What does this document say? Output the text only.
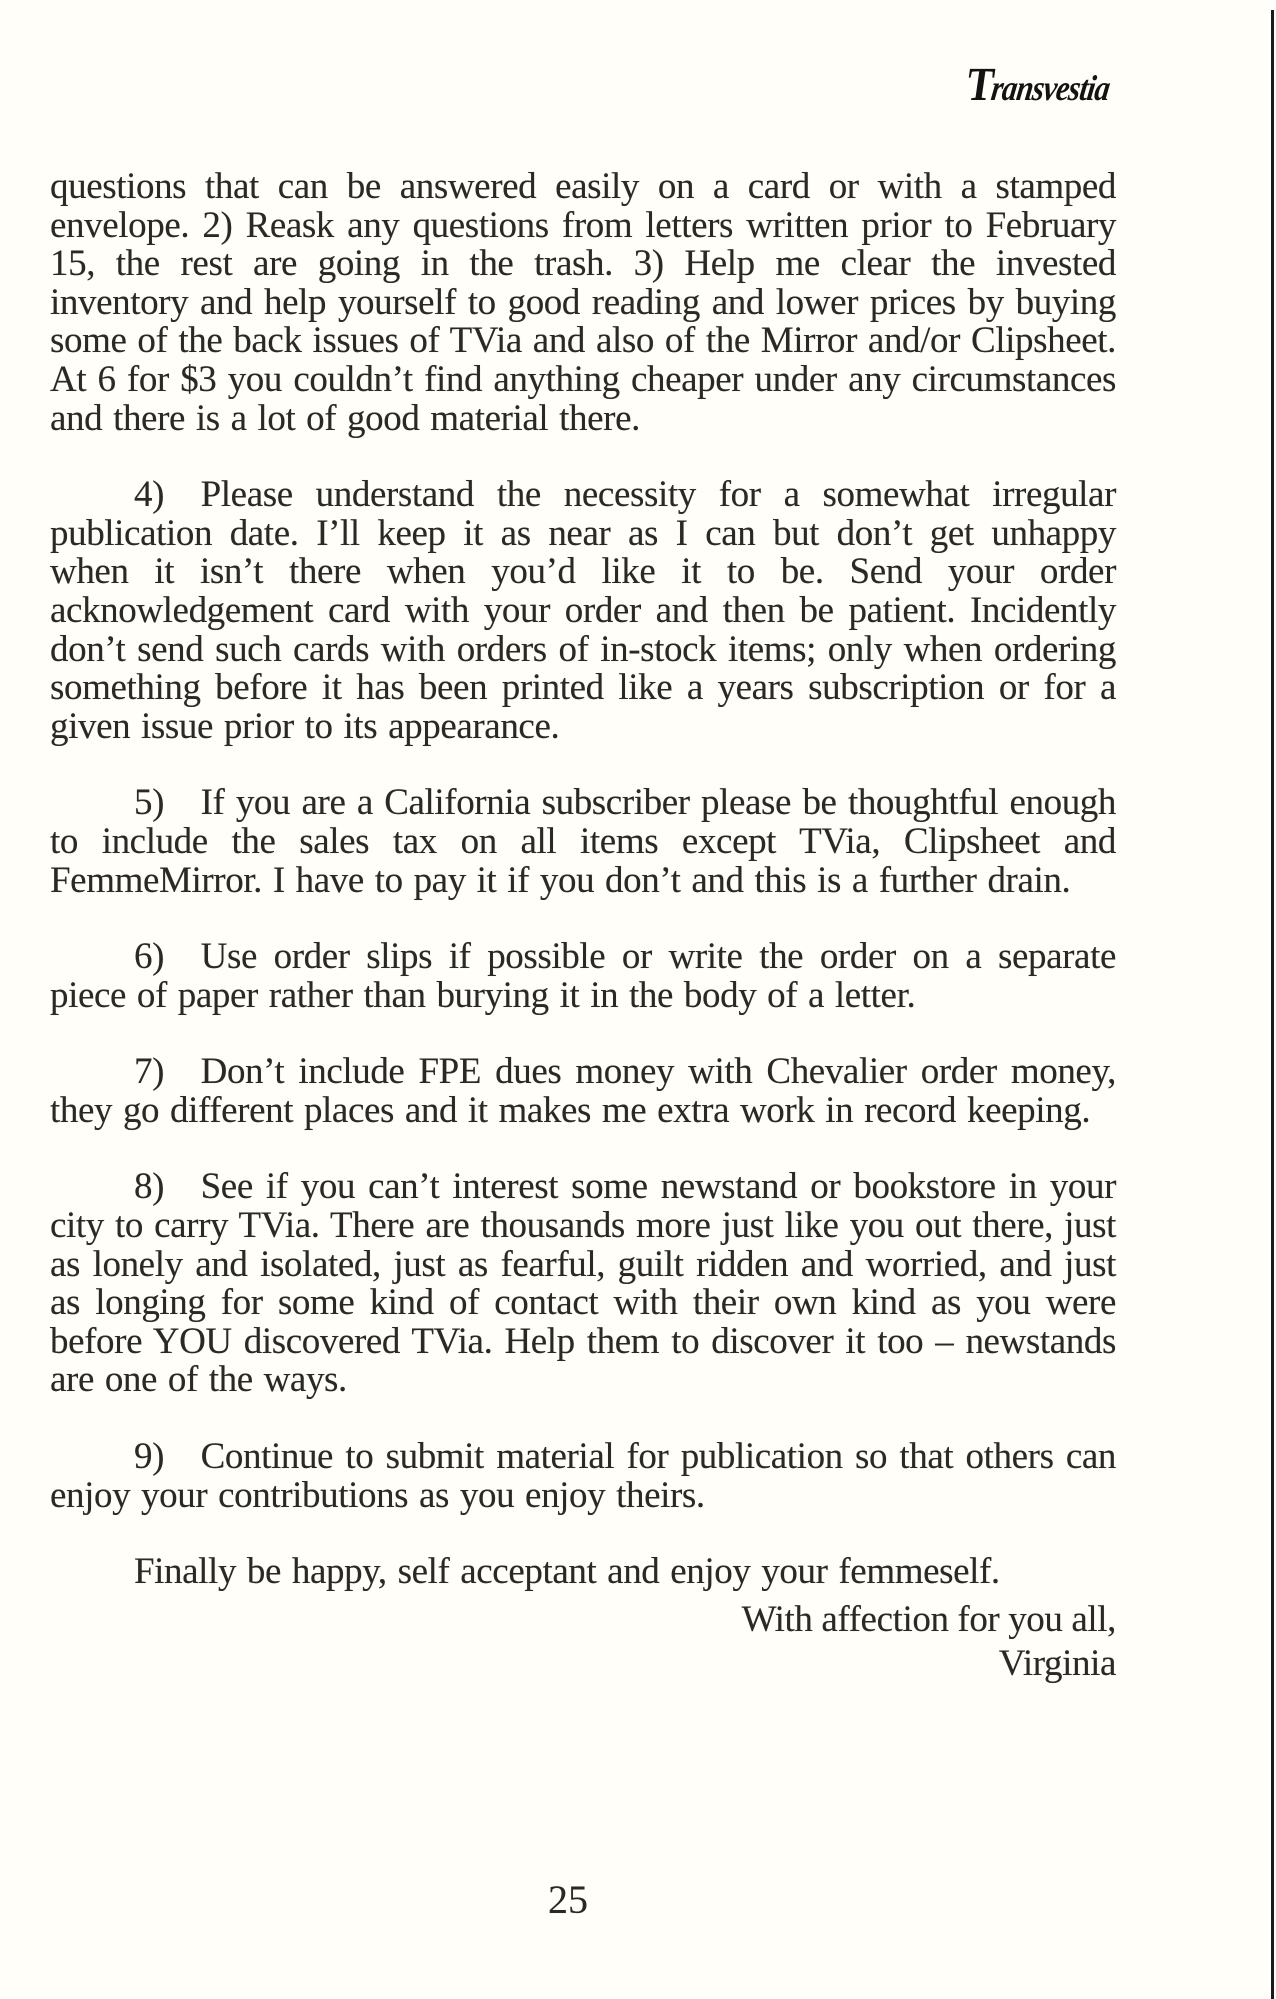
Transvestia

questions that can be answered easily on a card or with a stamped envelope. 2) Reask any questions from letters written prior to February 15, the rest are going in the trash. 3) Help me clear the invested inventory and help yourself to good reading and lower prices by buying some of the back issues of TVia and also of the Mirror and/or Clipsheet. At 6 for $3 you couldn’t find anything cheaper under any circumstances and there is a lot of good material there.

4) Please understand the necessity for a somewhat irregular publication date. I’ll keep it as near as I can but don’t get unhappy when it isn’t there when you’d like it to be. Send your order acknowledgement card with your order and then be patient. Incidently don’t send such cards with orders of in-stock items; only when ordering something before it has been printed like a years subscription or for a given issue prior to its appearance.

5) If you are a California subscriber please be thoughtful enough to include the sales tax on all items except TVia, Clipsheet and FemmeMirror. I have to pay it if you don’t and this is a further drain.

6) Use order slips if possible or write the order on a separate piece of paper rather than burying it in the body of a letter.

7) Don’t include FPE dues money with Chevalier order money, they go different places and it makes me extra work in record keeping.

8) See if you can’t interest some newstand or bookstore in your city to carry TVia. There are thousands more just like you out there, just as lonely and isolated, just as fearful, guilt ridden and worried, and just as longing for some kind of contact with their own kind as you were before YOU discovered TVia. Help them to discover it too – newstands are one of the ways.

9) Continue to submit material for publication so that others can enjoy your contributions as you enjoy theirs.

Finally be happy, self acceptant and enjoy your femmeself.

With affection for you all,
Virginia
25
